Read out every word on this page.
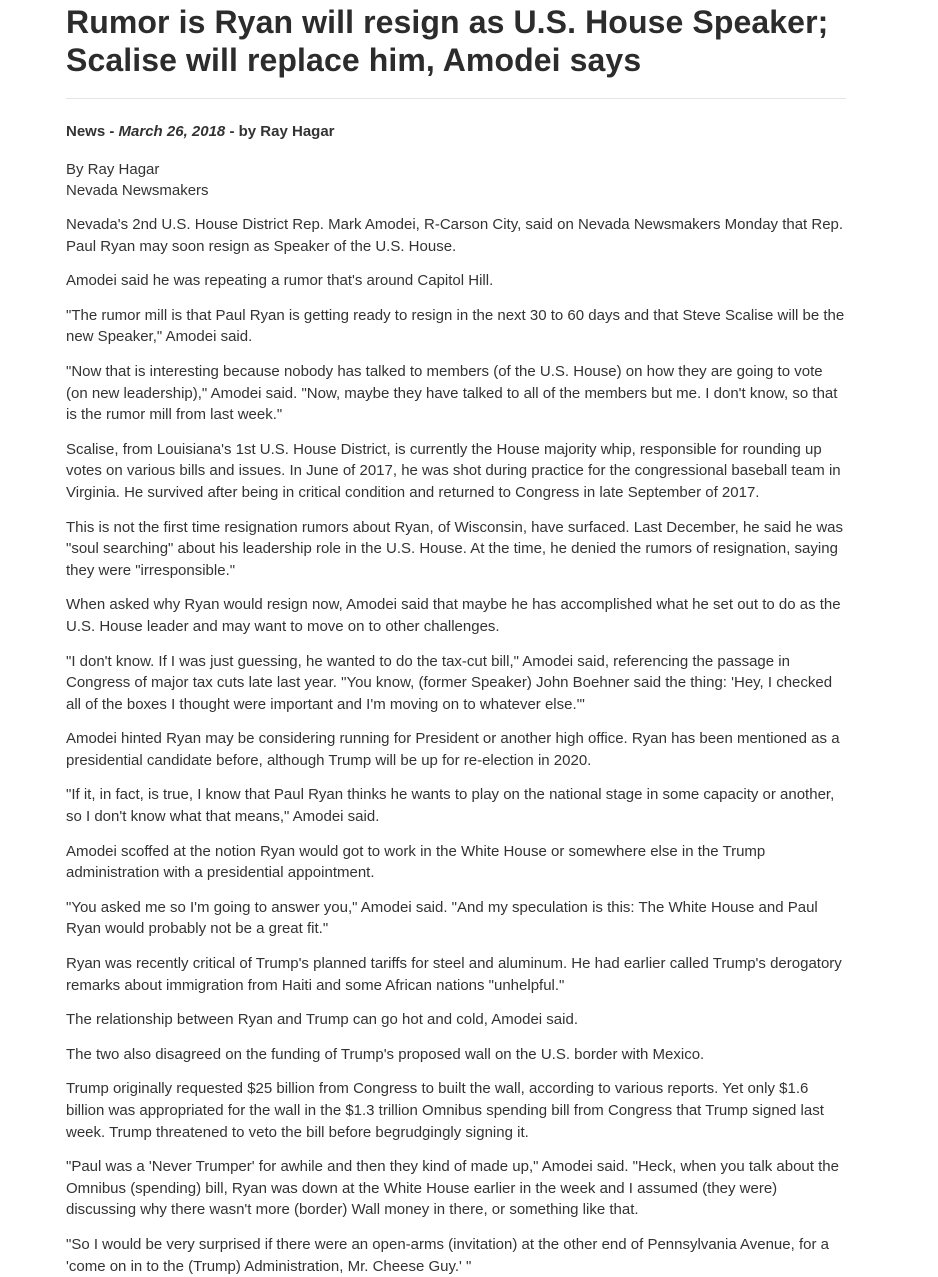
Rumor is Ryan will resign as U.S. House Speaker; Scalise will replace him, Amodei says
News - March 26, 2018 - by Ray Hagar
By Ray Hagar
Nevada Newsmakers

Nevada's 2nd U.S. House District Rep. Mark Amodei, R-Carson City, said on Nevada Newsmakers Monday that Rep. Paul Ryan may soon resign as Speaker of the U.S. House.

Amodei said he was repeating a rumor that's around Capitol Hill.

"The rumor mill is that Paul Ryan is getting ready to resign in the next 30 to 60 days and that Steve Scalise will be the new Speaker," Amodei said.

"Now that is interesting because nobody has talked to members (of the U.S. House) on how they are going to vote (on new leadership)," Amodei said. "Now, maybe they have talked to all of the members but me. I don't know, so that is the rumor mill from last week."

Scalise, from Louisiana's 1st U.S. House District, is currently the House majority whip, responsible for rounding up votes on various bills and issues. In June of 2017, he was shot during practice for the congressional baseball team in Virginia. He survived after being in critical condition and returned to Congress in late September of 2017.

This is not the first time resignation rumors about Ryan, of Wisconsin, have surfaced. Last December, he said he was "soul searching" about his leadership role in the U.S. House. At the time, he denied the rumors of resignation, saying they were "irresponsible."

When asked why Ryan would resign now, Amodei said that maybe he has accomplished what he set out to do as the U.S. House leader and may want to move on to other challenges.

"I don't know. If I was just guessing, he wanted to do the tax-cut bill," Amodei said, referencing the passage in Congress of major tax cuts late last year. "You know, (former Speaker) John Boehner said the thing: 'Hey, I checked all of the boxes I thought were important and I'm moving on to whatever else.'"

Amodei hinted Ryan may be considering running for President or another high office. Ryan has been mentioned as a presidential candidate before, although Trump will be up for re-election in 2020.

"If it, in fact, is true, I know that Paul Ryan thinks he wants to play on the national stage in some capacity or another, so I don't know what that means," Amodei said.

Amodei scoffed at the notion Ryan would got to work in the White House or somewhere else in the Trump administration with a presidential appointment.

"You asked me so I'm going to answer you," Amodei said. "And my speculation is this: The White House and Paul Ryan would probably not be a great fit."

Ryan was recently critical of Trump's planned tariffs for steel and aluminum. He had earlier called Trump's derogatory remarks about immigration from Haiti and some African nations "unhelpful."

The relationship between Ryan and Trump can go hot and cold, Amodei said.

The two also disagreed on the funding of Trump's proposed wall on the U.S. border with Mexico.

Trump originally requested $25 billion from Congress to built the wall, according to various reports. Yet only $1.6 billion was appropriated for the wall in the $1.3 trillion Omnibus spending bill from Congress that Trump signed last week. Trump threatened to veto the bill before begrudgingly signing it.

"Paul was a 'Never Trumper' for awhile and then they kind of made up," Amodei said. "Heck, when you talk about the Omnibus (spending) bill, Ryan was down at the White House earlier in the week and I assumed (they were) discussing why there wasn't more (border) Wall money in there, or something like that.

"So I would be very surprised if there were an open-arms (invitation) at the other end of Pennsylvania Avenue, for a 'come on in to the (Trump) Administration, Mr. Cheese Guy.' "
